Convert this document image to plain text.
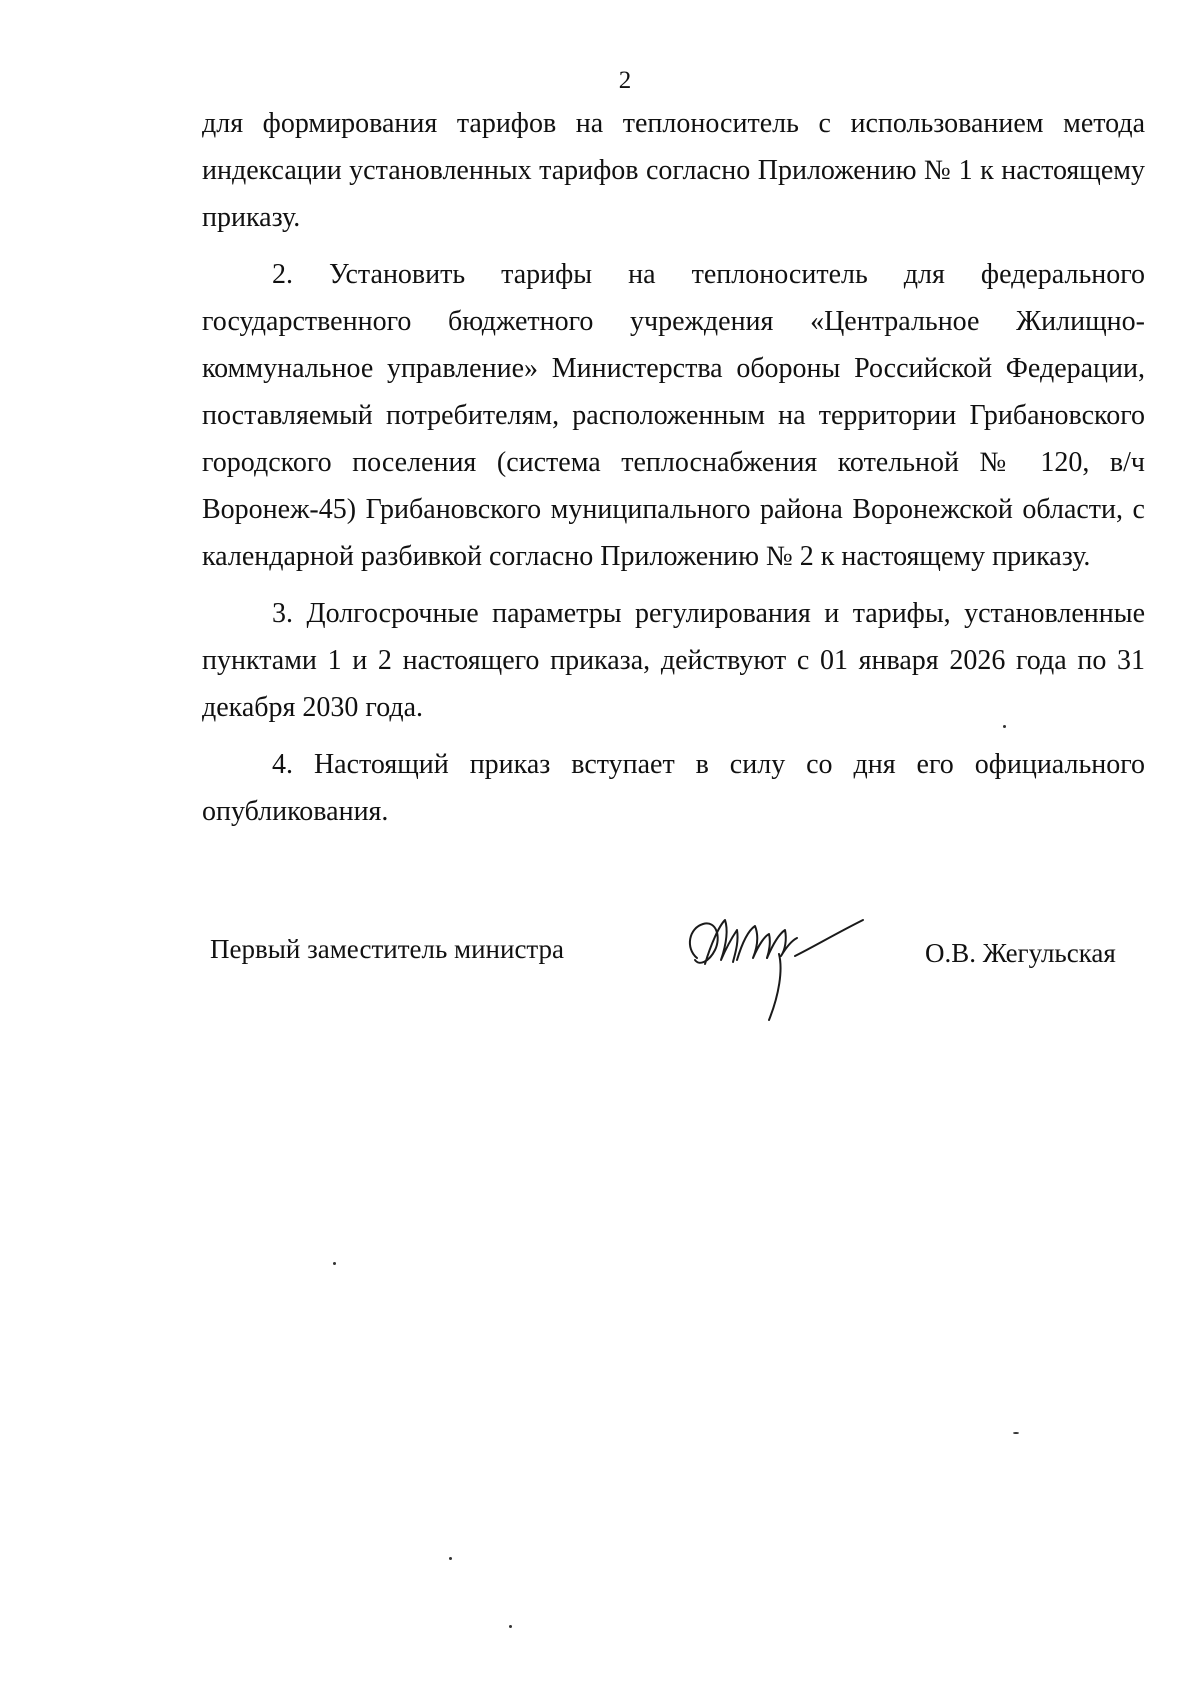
2

для формирования тарифов на теплоноситель с использованием метода индексации установленных тарифов согласно Приложению № 1 к настоящему приказу.

2. Установить тарифы на теплоноситель для федерального государственного бюджетного учреждения «Центральное Жилищно-коммунальное управление» Министерства обороны Российской Федерации, поставляемый потребителям, расположенным на территории Грибановского городского поселения (система теплоснабжения котельной № 120, в/ч Воронеж-45) Грибановского муниципального района Воронежской области, с календарной разбивкой согласно Приложению № 2 к настоящему приказу.

3. Долгосрочные параметры регулирования и тарифы, установленные пунктами 1 и 2 настоящего приказа, действуют с 01 января 2026 года по 31 декабря 2030 года.

4. Настоящий приказ вступает в силу со дня его официального опубликования.

Первый заместитель министра	О.В. Жегульская
